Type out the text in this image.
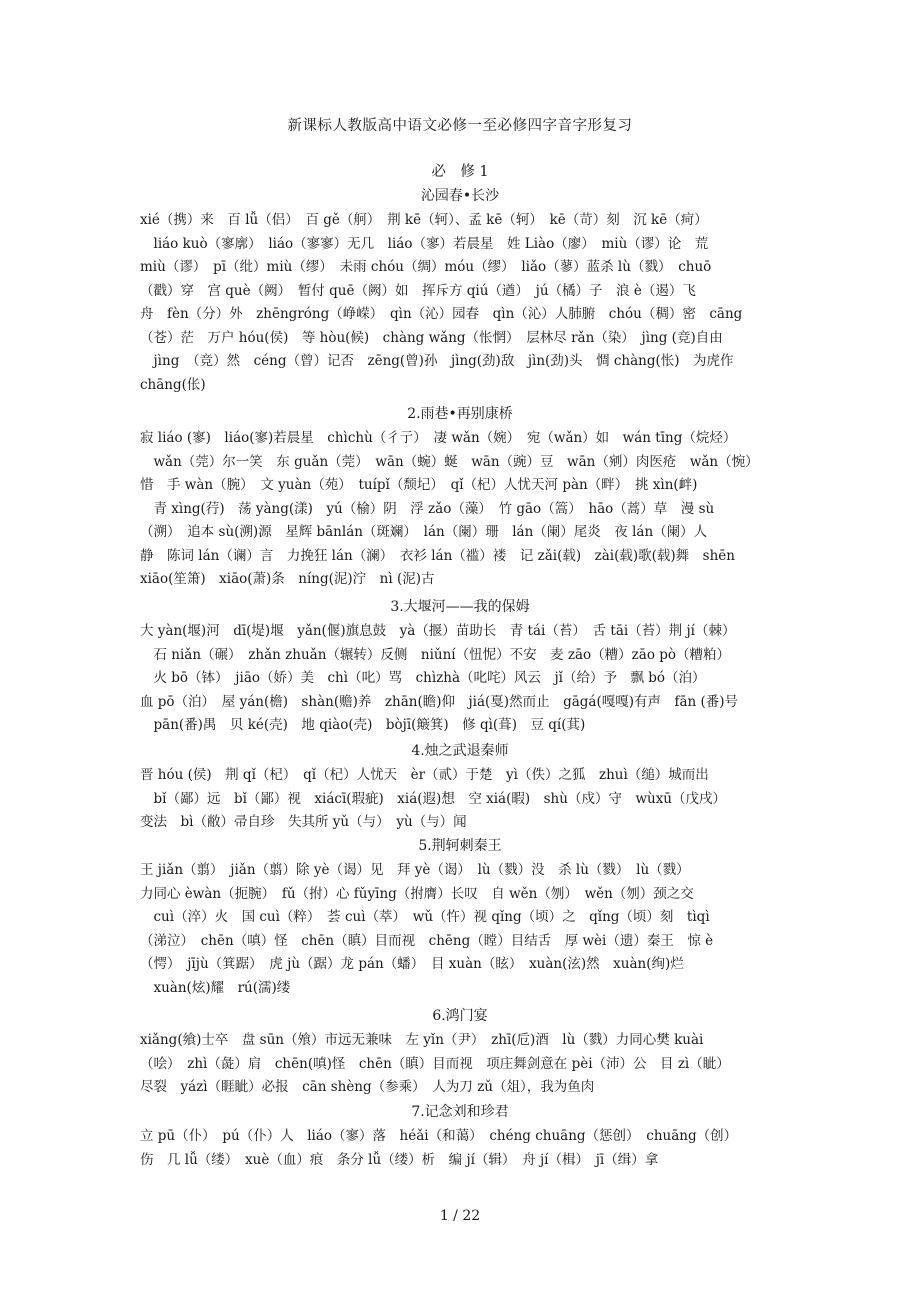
新课标人教版高中语文必修一至必修四字音字形复习
必　修 1
沁园春•长沙
xié（携）来　百 lǚ（侣）　百 gě（舸）　荆 kē（轲）、孟 kē（轲）　kē（苛）刻　沉 kē（疴）
　liáo kuò（寥廓）　liáo（寥寥）无几　liáo（寥）若晨星　姓 Liào（廖）　miù（谬）论　荒
miù（谬）　pī（纰）miù（缪）　未雨 chóu（绸）móu（缪）　liǎo（蓼）蓝杀 lù（戮）　chuō
（戳）穿　宫 què（阙）　暂付 quē（阙）如　挥斥方 qiú（遒）　jú（橘）子　浪 è（遏）飞
舟　fèn（分）外　zhēngróng（峥嵘）　qìn（沁）园春　qìn（沁）人肺腑　chóu（稠）密　cāng
（苍）茫　万户 hóu(侯)　等 hòu(候)　chàng wǎng（怅惘）　层林尽 rǎn（染）　jìng (竞)自由
　jìng　（竞）然　céng（曾）记否　zēng(曾)孙　jìng(劲)敌　jìn(劲)头　惆 chàng(怅)　为虎作
chāng(伥)
2.雨巷•再别康桥
寂 liáo (寥)　liáo(寥)若晨星　chìchù（彳亍）　凄 wǎn（婉）　宛（wǎn）如　wán tīng（烷烃）
　wǎn（莞）尔一笑　东 guǎn（莞）　wān（蜿）蜒　wān（豌）豆　wān（剜）肉医疮　wǎn（惋）
惜　手 wàn（腕）　文 yuàn（苑）　tuípǐ（颓圮）　qǐ（杞）人忧天河 pàn（畔）　挑 xìn(衅)
　青 xìng(荇)　荡 yàng(漾)　yú（榆）阴　浮 zǎo（藻）　竹 gāo（篙）　hāo（蒿）草　漫 sù
（溯）　追本 sù(溯)源　星辉 bānlán（斑斓）　lán（阑）珊　lán（阑）尾炎　夜 lán（阑）人
静　陈词 lán（谰）言　力挽狂 lán（澜）　衣衫 lán（褴）褛　记 zǎi(载)　zài(载)歌(载)舞　shēn
xiāo(笙箫)　xiāo(萧)条　níng(泥)泞　nì (泥)古
3.大堰河——我的保姆
大 yàn(堰)河　dī(堤)堰　yǎn(偃)旗息鼓　yà（揠）苗助长　青 tái（苔）　舌 tāi（苔）荆 jí（棘）
　石 niǎn（碾）　zhǎn zhuǎn（辗转）反侧　niǔní（忸怩）不安　麦 zāo（糟）zāo pò（糟粕）
　火 bō（钵）　jiāo（娇）美　chì（叱）骂　chìzhà（叱咤）风云　jǐ（给）予　飘 bó（泊）
血 pō（泊）　屋 yán(檐)　shàn(赡)养　zhān(瞻)仰　jiá(戛)然而止　gāgá(嘎嘎)有声　fān (番)号
　pān(番)禺　贝 ké(壳)　地 qiào(壳)　bòjī(簸箕)　修 qì(葺)　豆 qí(萁)
4.烛之武退秦师
晋 hóu (侯)　荆 qǐ（杞）　qǐ（杞）人忧天　èr（贰）于楚　yì（佚）之狐　zhuì（缒）城而出
　bǐ（鄙）远　bǐ（鄙）视　xiácī(瑕疵)　xiá(遐)想　空 xiá(暇)　shù（戍）守　wùxū（戊戌）
变法　bì（敝）帚自珍　失其所 yǔ（与）　yù（与）闻
5.荆轲刺秦王
王 jiǎn（翦）　jiǎn（翦）除 yè（谒）见　拜 yè（谒）　lù（戮）没　杀 lù（戮）　lù（戮）
力同心 èwàn（扼腕）　fǔ（拊）心 fǔyīng（拊膺）长叹　自 wěn（刎）　wěn（刎）颈之交
　cuì（淬）火　国 cuì（粹）　荟 cuì（萃）　wǔ（忤）视 qǐng（顷）之　qǐng（顷）刻　tìqì
（涕泣）　chēn（嗔）怪　chēn（瞋）目而视　chēng（瞠）目结舌　厚 wèi（遗）秦王　惊 è
（愕）　jījù（箕踞）　虎 jù（踞）龙 pán（蟠）　目 xuàn（眩）　xuàn(泫)然　xuàn(绚)烂
　xuàn(炫)耀　rú(濡)缕
6.鸿门宴
xiǎng(飨)士卒　盘 sūn（飧）市远无兼味　左 yǐn（尹）　zhī(卮)酒　lù（戮）力同心樊 kuài
（哙）　zhì（彘）肩　chēn(嗔)怪　chēn（瞋）目而视　项庄舞剑意在 pèi（沛）公　目 zì（眦）
尽裂　yázì（睚眦）必报　cān shèng（参乘）　人为刀 zǔ（俎），我为鱼肉
7.记念刘和珍君
立 pū（仆）　pú（仆）人　liáo（寥）落　héǎi（和蔼）　chéng chuāng（惩创）　chuāng（创）
伤　几 lǚ（缕）　xuè（血）痕　条分 lǚ（缕）析　编 jí（辑）　舟 jí（楫）　jī（缉）拿
1 / 22
